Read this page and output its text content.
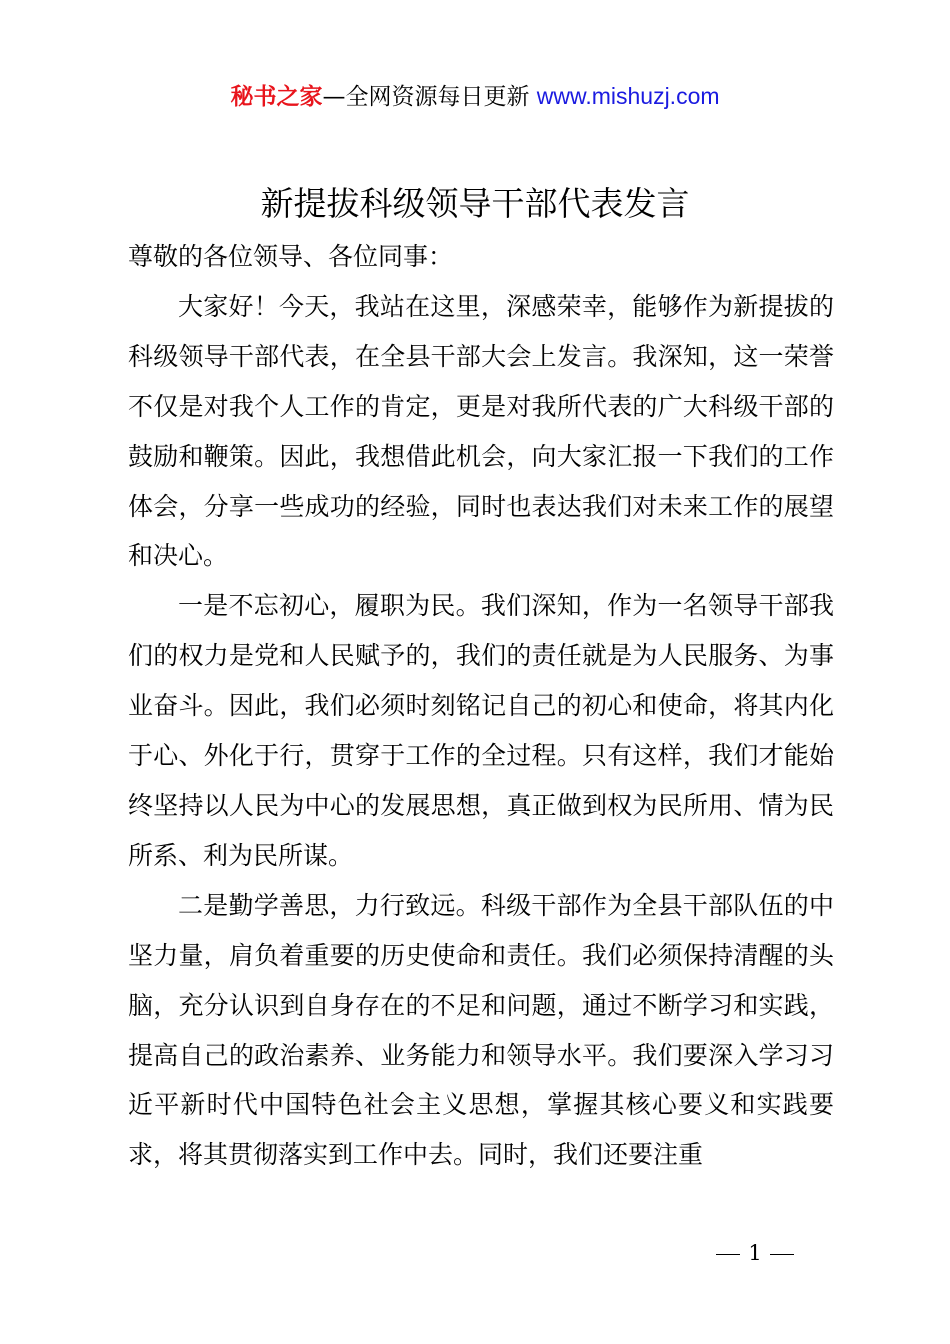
秘书之家—全网资源每日更新 www.mishuzj.com
新提拔科级领导干部代表发言

尊敬的各位领导、各位同事：

大家好！今天，我站在这里，深感荣幸，能够作为新提拔的科级领导干部代表，在全县干部大会上发言。我深知，这一荣誉不仅是对我个人工作的肯定，更是对我所代表的广大科级干部的鼓励和鞭策。因此，我想借此机会，向大家汇报一下我们的工作体会，分享一些成功的经验，同时也表达我们对未来工作的展望和决心。

一是不忘初心，履职为民。我们深知，作为一名领导干部我们的权力是党和人民赋予的，我们的责任就是为人民服务、为事业奋斗。因此，我们必须时刻铭记自己的初心和使命，将其内化于心、外化于行，贯穿于工作的全过程。只有这样，我们才能始终坚持以人民为中心的发展思想，真正做到权为民所用、情为民所系、利为民所谋。

二是勤学善思，力行致远。科级干部作为全县干部队伍的中坚力量，肩负着重要的历史使命和责任。我们必须保持清醒的头脑，充分认识到自身存在的不足和问题，通过不断学习和实践，提高自己的政治素养、业务能力和领导水平。我们要深入学习习近平新时代中国特色社会主义思想，掌握其核心要义和实践要求，将其贯彻落实到工作中去。同时，我们还要注重

1
